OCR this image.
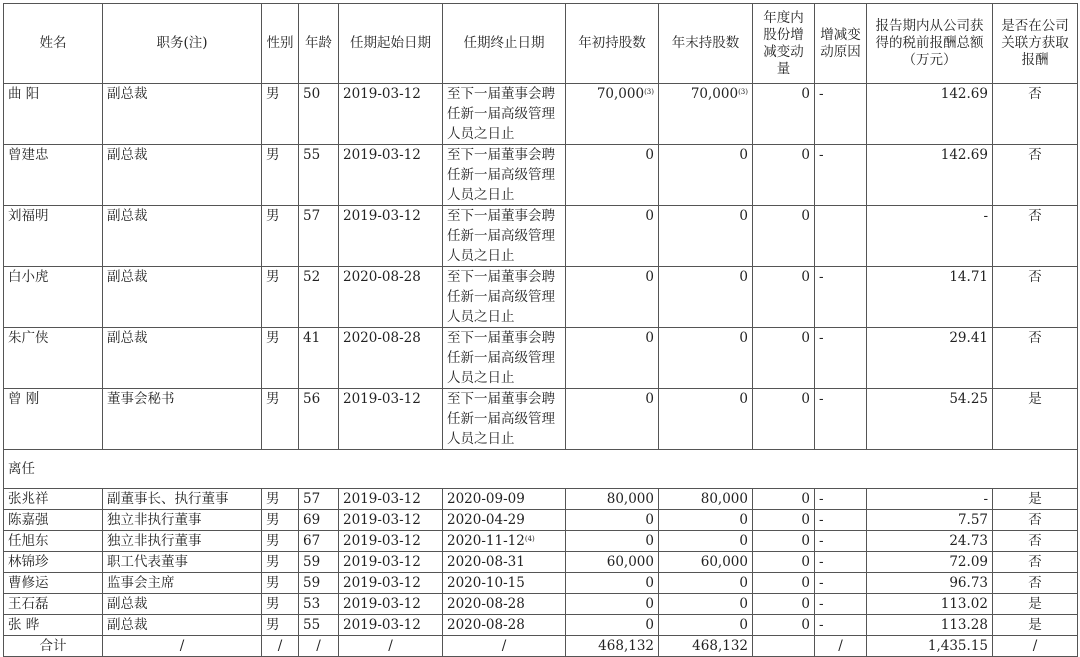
姓名	职务(注)	性别	年龄	任期起始日期	任期终止日期	年初持股数	年末持股数	年度内股份增减变动量	增减变动原因	报告期内从公司获得的税前报酬总额（万元）	是否在公司关联方获取报酬
曲 阳	副总裁	男	50	2019-03-12	至下一届董事会聘任新一届高级管理人员之日止	70,000$^{(3)}$	70,000$^{(3)}$	0	-	142.69	否
曾建忠	副总裁	男	55	2019-03-12	至下一届董事会聘任新一届高级管理人员之日止	0	0	0	-	142.69	否
刘福明	副总裁	男	57	2019-03-12	至下一届董事会聘任新一届高级管理人员之日止	0	0	0		-	否
白小虎	副总裁	男	52	2020-08-28	至下一届董事会聘任新一届高级管理人员之日止	0	0	0	-	14.71	否
朱广侠	副总裁	男	41	2020-08-28	至下一届董事会聘任新一届高级管理人员之日止	0	0	0	-	29.41	否
曾 刚	董事会秘书	男	56	2019-03-12	至下一届董事会聘任新一届高级管理人员之日止	0	0	0	-	54.25	是
离任											
张兆祥	副董事长、执行董事	男	57	2019-03-12	2020-09-09	80,000	80,000	0	-	-	是
陈嘉强	独立非执行董事	男	69	2019-03-12	2020-04-29	0	0	0	-	7.57	否
任旭东	独立非执行董事	男	67	2019-03-12	2020-11-12$^{(4)}$	0	0	0	-	24.73	否
林锦珍	职工代表董事	男	59	2019-03-12	2020-08-31	60,000	60,000	0	-	72.09	否
曹修运	监事会主席	男	59	2019-03-12	2020-10-15	0	0	0	-	96.73	否
王石磊	副总裁	男	53	2019-03-12	2020-08-28	0	0	0	-	113.02	是
张 晔	副总裁	男	55	2019-03-12	2020-08-28	0	0	0	-	113.28	是
合计	/	/	/	/	/	468,132	468,132		/	1,435.15	/
